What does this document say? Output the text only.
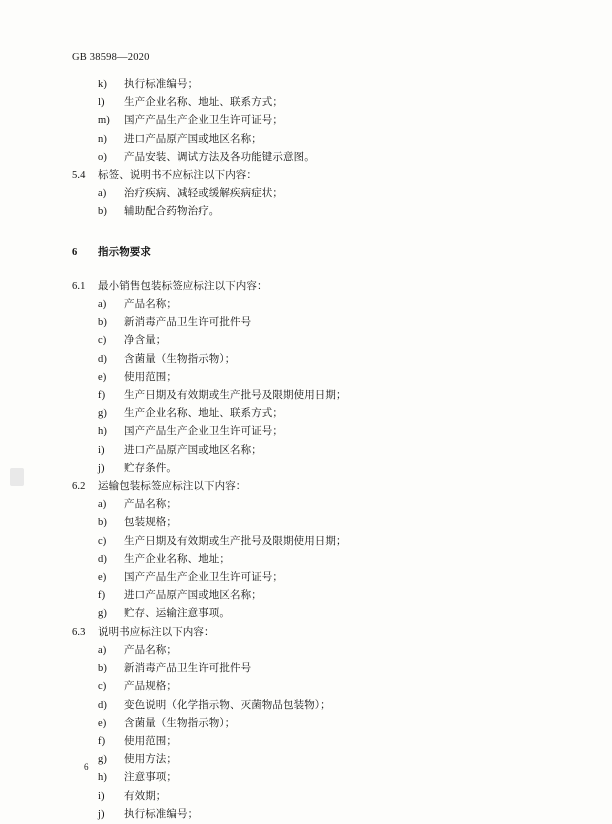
GB 38598—2020
k) 执行标准编号；
l) 生产企业名称、地址、联系方式；
m) 国产产品生产企业卫生许可证号；
n) 进口产品原产国或地区名称；
o) 产品安装、调试方法及各功能键示意图。
5.4 标签、说明书不应标注以下内容：
a) 治疗疾病、减轻或缓解疾病症状；
b) 辅助配合药物治疗。
6 指示物要求
6.1 最小销售包装标签应标注以下内容：
a) 产品名称；
b) 新消毒产品卫生许可批件号
c) 净含量；
d) 含菌量（生物指示物）；
e) 使用范围；
f) 生产日期及有效期或生产批号及限期使用日期；
g) 生产企业名称、地址、联系方式；
h) 国产产品生产企业卫生许可证号；
i) 进口产品原产国或地区名称；
j) 贮存条件。
6.2 运输包装标签应标注以下内容：
a) 产品名称；
b) 包装规格；
c) 生产日期及有效期或生产批号及限期使用日期；
d) 生产企业名称、地址；
e) 国产产品生产企业卫生许可证号；
f) 进口产品原产国或地区名称；
g) 贮存、运输注意事项。
6.3 说明书应标注以下内容：
a) 产品名称；
b) 新消毒产品卫生许可批件号
c) 产品规格；
d) 变色说明（化学指示物、灭菌物品包装物）；
e) 含菌量（生物指示物）；
f) 使用范围；
g) 使用方法；
h) 注意事项；
i) 有效期；
j) 执行标准编号；
6
